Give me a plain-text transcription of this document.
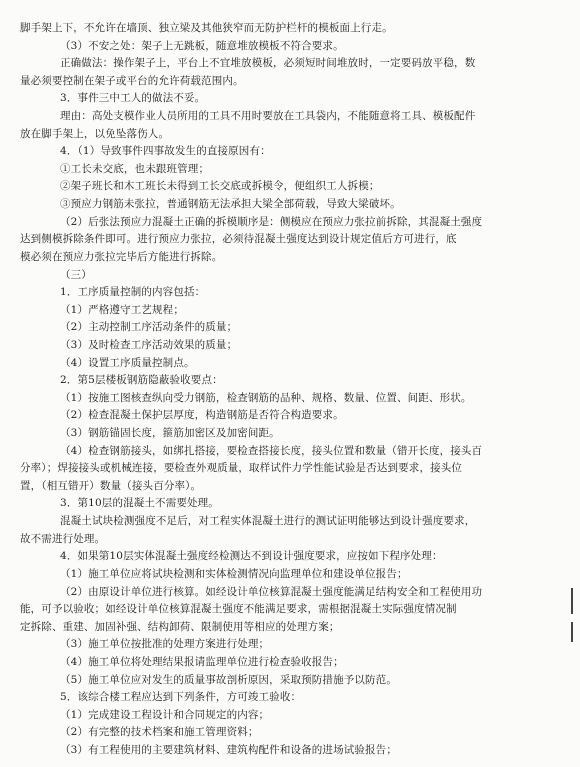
脚手架上下，不允许在墙顶、独立梁及其他狭窄而无防护栏杆的模板面上行走。
（3）不安之处：架子上无跳板，随意堆放模板不符合要求。
正确做法：操作架子上，平台上不宜堆放模板，必须短时间堆放时，一定要码放平稳，数
量必须要控制在架子或平台的允许荷载范围内。
3．事件三中工人的做法不妥。
理由：高处支模作业人员所用的工具不用时要放在工具袋内，不能随意将工具、模板配件
放在脚手架上，以免坠落伤人。
4．（1）导致事件四事故发生的直接原因有：
①工长未交底，也未跟班管理；
②架子班长和木工班长未得到工长交底或拆模令，便组织工人拆模；
③预应力钢筋未张拉，普通钢筋无法承担大梁全部荷载，导致大梁破坏。
（2）后张法预应力混凝土正确的拆模顺序是：侧模应在预应力张拉前拆除，其混凝土强度
达到侧模拆除条件即可。进行预应力张拉，必须待混凝土强度达到设计规定值后方可进行，底
模必须在预应力张拉完毕后方能进行拆除。
（三）
1．工序质量控制的内容包括：
（1）严格遵守工艺规程；
（2）主动控制工序活动条件的质量；
（3）及时检查工序活动效果的质量；
（4）设置工序质量控制点。
2．第5层楼板钢筋隐蔽验收要点：
（1）按施工图核查纵向受力钢筋，检查钢筋的品种、规格、数量、位置、间距、形状。
（2）检查混凝土保护层厚度，构造钢筋是否符合构造要求。
（3）钢筋锚固长度，箍筋加密区及加密间距。
（4）检查钢筋接头，如绑扎搭接，要检查搭接长度，接头位置和数量（错开长度，接头百
分率）；焊接接头或机械连接，要检查外观质量，取样试件力学性能试验是否达到要求，接头位
置，（相互错开）数量（接头百分率）。
3．第10层的混凝土不需要处理。
混凝土试块检测强度不足后，对工程实体混凝土进行的测试证明能够达到设计强度要求，
故不需进行处理。
4．如果第10层实体混凝土强度经检测达不到设计强度要求，应按如下程序处理：
（1）施工单位应将试块检测和实体检测情况向监理单位和建设单位报告；
（2）由原设计单位进行核算。如经设计单位核算混凝土强度能满足结构安全和工程使用功
能，可予以验收；如经设计单位核算混凝土强度不能满足要求，需根据混凝土实际强度情况制
定拆除、重建、加固补强、结构卸荷、限制使用等相应的处理方案；
（3）施工单位按批准的处理方案进行处理；
（4）施工单位将处理结果报请监理单位进行检查验收报告；
（5）施工单位应对发生的质量事故剖析原因，采取预防措施予以防范。
5．该综合楼工程应达到下列条件，方可竣工验收：
（1）完成建设工程设计和合同规定的内容；
（2）有完整的技术档案和施工管理资料；
（3）有工程使用的主要建筑材料、建筑构配件和设备的进场试验报告；
